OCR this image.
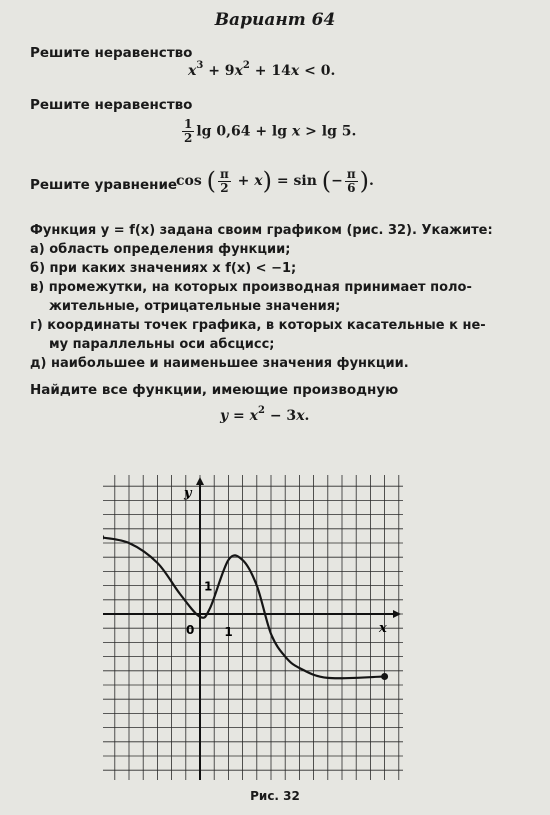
Вариант 64
Решите неравенство
$x^3 + 9x^2 + 14x < 0$.
Решите неравенство
$\frac{1}{2}$ lg 0,64 + lg x > lg 5.
Решите уравнение
cos ( $\frac{\pi}{2} + x) = \sin$ (− $\frac{\pi}{6}$ ).
Функция y = f(x) задана своим графиком (рис. 32). Укажите:
а) область определения функции;
б) при каких значениях x f(x) < −1;
в) промежутки, на которых производная принимает поло-
жительные, отрицательные значения;
г) координаты точек графика, в которых касательные к не-
му параллельны оси абсцисс;
д) наибольшее и наименьшее значения функции.
Найдите все функции, имеющие производную
$y = x^2 - 3x$.
y
x
0	1
1
Рис. 32
